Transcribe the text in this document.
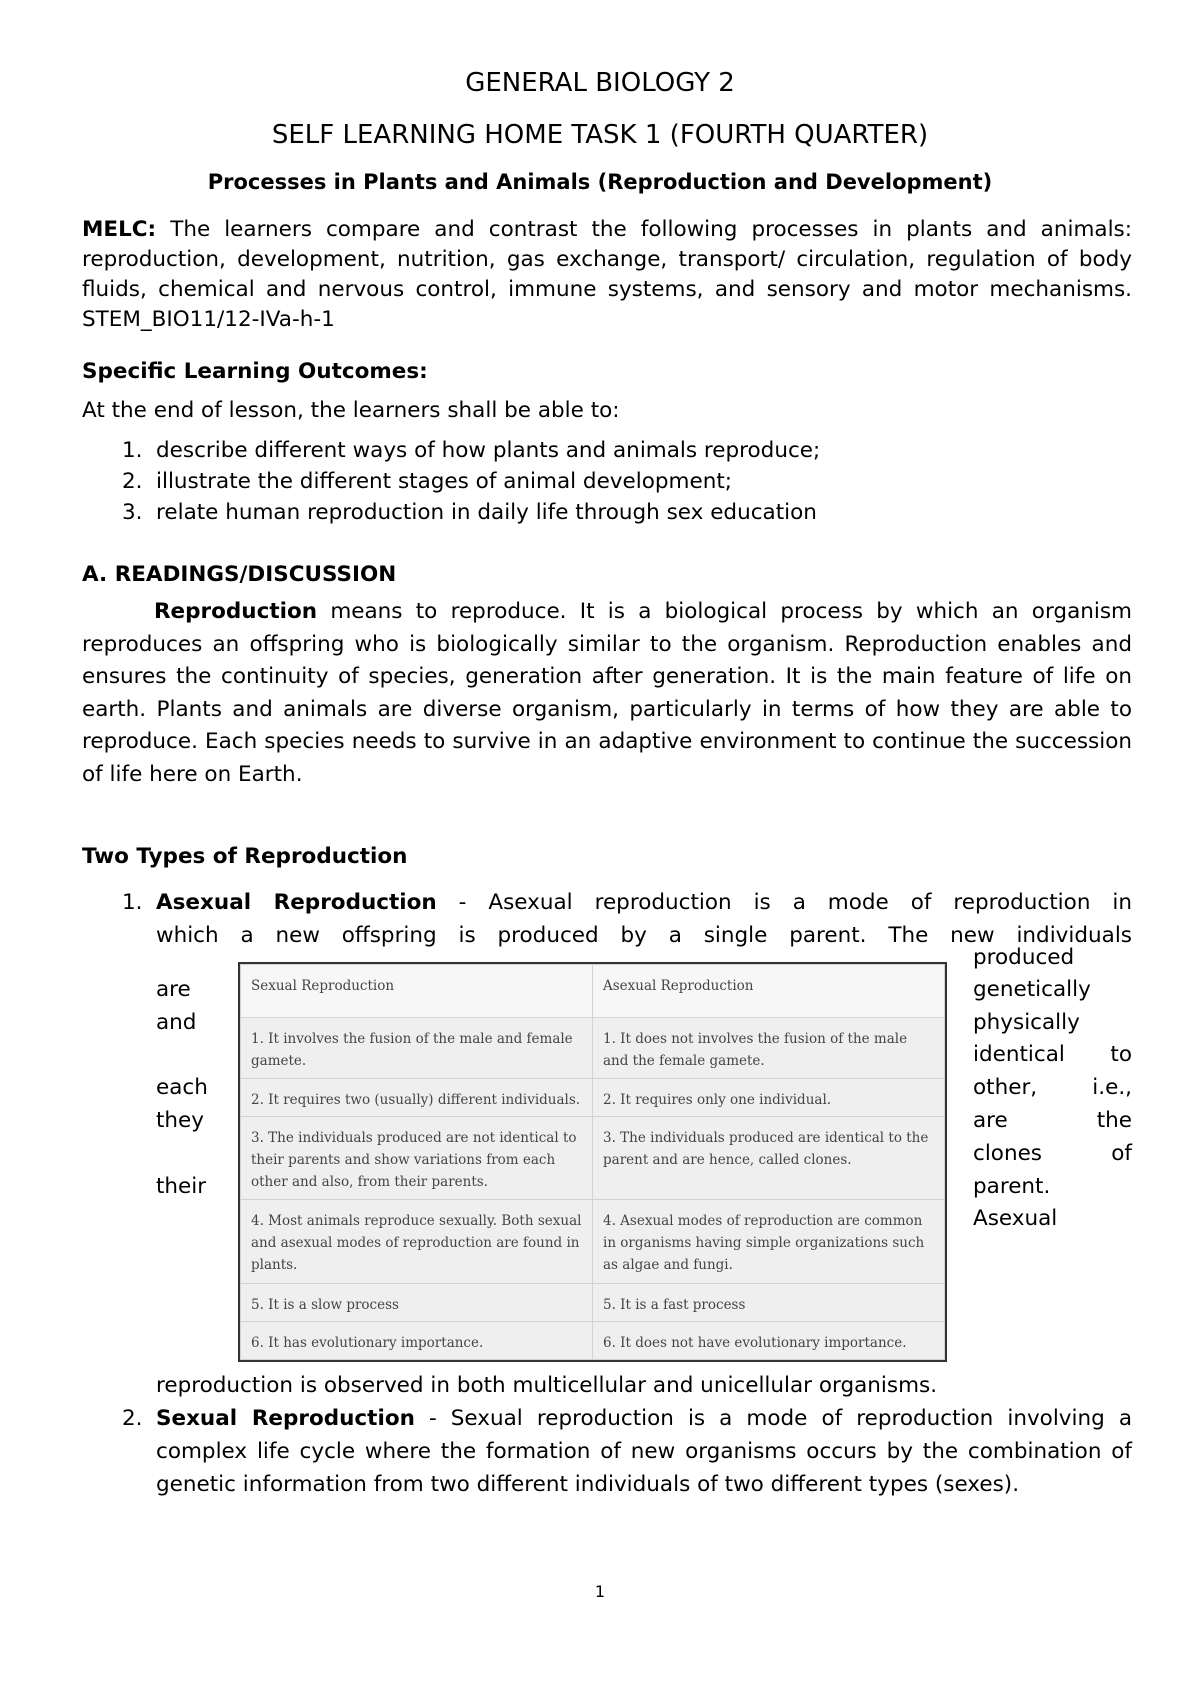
GENERAL BIOLOGY 2
SELF LEARNING HOME TASK 1 (FOURTH QUARTER)
Processes in Plants and Animals (Reproduction and Development)
MELC: The learners compare and contrast the following processes in plants and animals: reproduction, development, nutrition, gas exchange, transport/ circulation, regulation of body fluids, chemical and nervous control, immune systems, and sensory and motor mechanisms. STEM_BIO11/12-IVa-h-1
Specific Learning Outcomes:
At the end of lesson, the learners shall be able to:
1. describe different ways of how plants and animals reproduce;
2. illustrate the different stages of animal development;
3. relate human reproduction in daily life through sex education
A. READINGS/DISCUSSION
Reproduction means to reproduce. It is a biological process by which an organism reproduces an offspring who is biologically similar to the organism. Reproduction enables and ensures the continuity of species, generation after generation. It is the main feature of life on earth. Plants and animals are diverse organism, particularly in terms of how they are able to reproduce. Each species needs to survive in an adaptive environment to continue the succession of life here on Earth.
Two Types of Reproduction
1. Asexual Reproduction - Asexual reproduction is a mode of reproduction in
which a new offspring is produced by a single parent. The new individuals
are
and
each
they
their
produced
genetically
physically
identical to
other, i.e.,
are the
clones of
parent.
Asexual
Sexual Reproduction	Asexual Reproduction
1. It involves the fusion of the male and female gamete.	1. It does not involves the fusion of the male and the female gamete.
2. It requires two (usually) different individuals.	2. It requires only one individual.
3. The individuals produced are not identical to their parents and show variations from each other and also, from their parents.	3. The individuals produced are identical to the parent and are hence, called clones.
4. Most animals reproduce sexually. Both sexual and asexual modes of reproduction are found in plants.	4. Asexual modes of reproduction are common in organisms having simple organizations such as algae and fungi.
5. It is a slow process	5. It is a fast process
6. It has evolutionary importance.	6. It does not have evolutionary importance.
reproduction is observed in both multicellular and unicellular organisms.
2. Sexual Reproduction - Sexual reproduction is a mode of reproduction involving a complex life cycle where the formation of new organisms occurs by the combination of genetic information from two different individuals of two different types (sexes).
1
